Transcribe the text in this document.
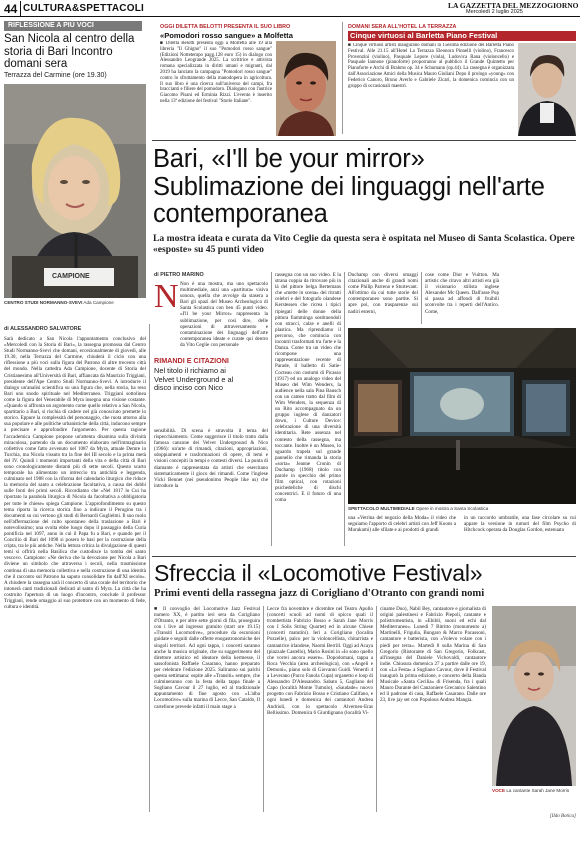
44 CULTURA&SPETTACOLI	LA GAZZETTA DEL MEZZOGIORNO
Mercoledì 2 luglio 2025
RIFLESSIONE A PIÙ VOCI
San Nicola al centro della storia di Bari Incontro domani sera
Terrazza del Carmine (ore 19.30)
CAMPIONE
CENTRO STUDI NORMANNO-SVEVI Ada Campione
OGGI DILETTA BELOTTI PRESENTA IL SUO LIBRO
«Pomodori rosso sangue» a Molfetta
■ Diletta Belotti presenta oggi a Molfetta alle 19 alla libreria "Il Ghigno" il suo "Pomodori rosso sangue" (Edizioni Nottetempo pagg.128 euro 15) in dialogo con Alessandro Leogrande 2025. La scrittrice e attivista romana specializzata in diritti umani e migranti, dal 2019 ha lanciato la campagna "Pomodori rosso sangue" contro lo sfruttamento della manodopera in agricoltura. Il suo libro è una ricerca sull'universo del campi, fra braccianti e filiere del pomodoro. Dialogano con l'autrice Giacomo Pisani ed Erminia Rizzi. L'evento è inserito nella 13ª edizione del festival "Storie Italiane".
DOMANI SERA ALL'HOTEL LA TERRAZZA
Cinque virtuosi al Barletta Piano Festival
■ Cinque virtuosi artisti inaugurano domani la 15esima edizione del Barletta Piano Festival. Alle 21.15 all'Hotel La Terrazza Eleonora Pinnelli (violino), Francesco Provenzini (violino), Pasquale Lepore (viola), Ludovica Rana (violoncello) e Pasquale Iannone (pianoforte) proporranno al pubblico il Grande Quintetto per Pianoforte e Archi di Brahms op. 34 e Schumann (op.44). La rassegna è organizzata dall'Associazione Amici della Musica Mauro Giuliani Dopo il prologo «young» con Federico Canoro, Bruno Averlo e Gabriele Zicari, la domenica comincia con un gruppo di occasionali maestri.
Bari, «I'll be your mirror» Sublimazione dei linguaggi nell'arte contemporanea
La mostra ideata e curata da Vito Ceglie da questa sera è ospitata nel Museo di Santa Scolastica. Opere «esposte» su 45 punti video
di ALESSANDRO SALVATORE
Sarà dedicato a San Nicola l'appuntamento conclusivo del «Mercoledì con la Storia di Bari», la rassegna promossa dal Centro Studi Normanno-Svevi che domani, eccezionalmente di giovedì, alle 19.30, nella Terrazza del Carmine, chiuderà il ciclo con una riflessione a più voci sulla figura del Patrono di altre trecento città del mondo. Nella cattedra Ada Campione, docente di Storia del Cristianesimo all'Università di Bari, affiancata da Maurizio Triggiani, presidente dell'Ape Centro Studi Normanno-Svevi. A introdurre il dialogo un'analisi scientifica su una figura che, nella storia, ha reso Bari uno snodo spirituale nel Mediterraneo. Triggiani sottolinea come la figura del Venerabile di Myra insegna una visione costante. «Quando si affronta un argomento come quello relativo a San Nicola, spartitario a Bari, si rischia di cadere nel già conosciuto premette lo storico. Eppure la complessità del personaggio, che ruota attorno alla sua popolare e alle politiche urbanistiche della città, inducono sempre a precisare e approfondire l'argomento. Per questa ragione l'accademica Campione propone un'attenta disamina sulla divinità miracolosa, partendo da un documento elaborato nell'immaginario collettivo come fatto avvenuto nel 1087 da Myra, attuale Demre in Turchia, ma Nicola vissuto tra la fine del III secolo e la prima metà del IV. Quindi i momenti importanti della vita e della città di Bari sono cronologicamente distanti più di sette secoli. Questo scarto temporale ha alimentato un intreccio tra antichità e leggenda, culminato nel 1988 con la riforma del calendario liturgico che riduce la memoria del santo a celebrazione facoltativa, a causa dei dubbi sulle fonti dei primi secoli. Ricordiamo che «Nel 1817 lo Cui ha riportato la parabola liturgica di Nicola da facoltativa a obbligatoria per tutte le chiese» spiega Campione. L'approfondimento su questo tema riporta la ricerca storica fino a indicare il Perugino tra i documenti su cui vertono gli studi di Bernardi Guglielmi. Il suo ruolo nell'affermazione del culto spontaneo della traslazione a Bari è notevolissimo; una svolta ebbe luogo dopo il passaggio della Curia pontificia nel 1097, anno in cui il Papa fu a Bari, e quando per il Concilio di Bari del 1098 si posero le basi per la costruzione della cripta, tra le più antiche. Nella lettura critica la divulgazione di questi temi si offrirà nella Basilica che custodisce la tomba del santo vescovo. Campione: «Ne deriva che la devozione per Nicola a Bari diviene un simbolo che attraversa i secoli, nella trasmissione continua di una memoria collettiva e nella costruzione di una identità che il racconto sul Patrono ha saputo consolidare fin dall'XI secolo». A chiudere la rassegna sarà il concerto di una corale del territorio che intonerà canti tradizionali dedicati al santo di Myra. La città che ha costruito l'apertura di un luogo d'incontro, conclude il professor Triggiani, rende omaggio al suo protettore con un momento di fede, cultura e identità.
di PIETRO MARINO
N Non è una mostra, ma uno spettacolo multimediale, anzi una «partitura» visiva sonora, quella che avvolge da stasera a Bari gli spazi del Museo Archeologico di Santa Scolastica con ben 45 punti video. «I'll be your Mirror» rappresenta la sublimazione, per così dire, delle operazioni di attraversamento e contaminazione dei linguaggi dell'arte contemporanea ideate e curate qui dentro da Vito Ceglie con personale
RIMANDI E CITAZIONI
Nel titolo il richiamo ai Velvet Underground e al disco inciso con Nico
sensibilità. Di scena è stravolta il tema del rispecchiamento. Come suggerisce il titolo tratto dalla famosa canzone dei Velvet Underground & Nico (1966): un'arte di rimandi, citazioni, appropriazioni, sdoppiamenti e trasformazioni di opere, di temi e visioni concepiti in tempi e contesti diversi. La punta di diamante è rappresentata da artisti che esercitano sistematicamente il gioco dei rimandi. Come l'inglese Vicki Bennet (nei pseudonimo People like us) che introduce la
rassegna con un suo video. E la strana coppia da ritrovare più in là del pittore belga Bertemans che «mette in scena» dei ritratti celebri e del fotografo olandese Kerstessen che ricrea i tipici ripiegati delle donne della pittura fiamminga sostituendoli con stracci, calze e anelli di plastica. Ma riprendiamo il percorso, che comincia con incontri trasformati tra l'arte e la Danza. Come tra un video che ricompone una rappresentazione recente di Parade, il balletto di Satie-Cocteau con costumi di Picasso (1917) ed un analogo video del Museo del Wim Wenders, la audience nella sala Pina Bausch con un cameo tratto dal film di Wim Wenders, la sequenza di un Rito accompagnato da un gruppo inglese di danzatori down, i Culture Device: celebrazione di una diversità identitaria. Rete assenza nel contesto della rassegna, ma toccante. Inoltre è un Museo, lo sguardo trapela sul grande pannello che rimanda la storia «sorta» Jeanne Cronin di Duchamp (1968) titolo con parole in specchio del primo film optical, con rotazioni psichedeliche di dischi concentrici. E il futuro di una coma
Duchamp con diversi omaggi citazionali anche di grandi nomi come Philip Parreno e Sturtevant. All'ottimo da cui tutte storie del contemporaneo sono partite. Si apre poi, con trasparenze sui nadiri esterni,
cose come Dior e Vuitton. Ma artistic che citavo altri artisti era già il visionario stilista inglese Alexander Mc Queen. Dall'asse Pop si passa ad affondi di fruibili sconvolte tra i reperti dell'Antico. Come,
SPETTACOLO MULTIMEDIALE Opere in mostra a Santa Scolastica
una «Vetrina del negozio della Moda» il video che seguiamo l'apporto di celebri artisti con Jeff Koons a Murakami) alle sfilate e ai prodotti di grandi
in un raccordo umbratile, una fase circolare su cui appare la versione in rumori del film Psycho di Hitchcock operata da Douglas Gordon, estenuata
Sfreccia il «Locomotive Festival»
Primi eventi della rassegna jazz di Corigliano d'Otranto con grandi nomi
■ Il convoglio del Locomotive Jazz Festival numero XX, è partito ieri sera da Corigliano d'Otranto, e per altre sette giorni di fila, proseguira con i live ad ingresso gratuito (start ore 19.15) «Transiti Locomotive», procedure da escursioni guidate e seguiti dalle offerte enogastronomiche dei singoli territori. Ad ogni tappa, i concerti saranno anche la musica originale, che su suggerimento del direttore artistico ed ideatore della kermesse, il sassofonista Raffaele Casarano, hanno preparato per celebrare l'edizione 2025. Saliranno sui palchi questa settimana: ospite alle «Transiti» sempre, che culmineranno con la festa della tappa finale a Sogliano Cavour il 27 luglio, ed al tradizionale appuntamento di fine agosto con «L'alba Locomotive» sulla marina di Lecce, San Cataldo, Il cartellone prevede infatti il main stage a
Lecce fra novembre e dicembre nel Teatro Apollo (concerti scuoli ad nomi di spicco quali il trombettista Fabrizio Bosso e Sarah Jane Morris con I Solis String Quartet) ed in alcune Chiese (concerti matutini). Ieri a Corigliano (localita Pozzelle), palco per la violoncellista, chitarrista e cantautrice irlandese, Naomi Berrill. Oggi ad Acaya (piazzale Castello), Mario Rosini in «Io sono quello che vorrei ancora essere». Dopodomani, tappa a Roca Vecchia (area archeologica), con «Angeli e Demoni», piano solo di Giovanni Guidi. Venerdì 4 a Leverano (Parco Fanola Cupa) organetto e loop di Alessandro D'Alessandro. Sabato 5, Gagliano del Capo (località Monte Tumulo), «Saudade» nuovo progetto con Fabrizio Bosso e Cristiano Califano, e ogni lunedì e domenica dei cantautori Andrea Andrioli, con lo spettacolo Alverneo-Eras Bellissimo. Domenica 6 Giurdignano (località Vi-
ciname Duo), Nabil Bey, cantautore e giornalista di origini palestinesi e Fabrizio Piepoli, cantante e polistrumentista, in «Ebibli, suoni ed echi dal Mediterraneo». Lunedì 7 Bitritto (monumento a) Martinelli, Frigulia, Bungaro & Marco Pacassoni, cantautore e batterista, con «Volevo volare con i piedi per terra». Martedì 8 sulla Marina di San Gregorio (Ristorante di San Gregorio, Folkcast, all'insegna del Daniele Vichovaldi, cantautore indie. Chiusura domenica 27 a partire dalle ore 19, con «La Festa» a Sogliano Cavour, dove il Festival inaugurò la prima edizione, e concerto della Banda Musicale «Santa Cecilia» di Frisenda, fra i quali Mauro Durante del Canzoniere Grecanico Salentino ed il padrone di casa, Raffaele Casarano. Dalle ore 23, live jay set con Populous Andrea Mangia.
VOCE La cantante Sarah Jane Morris
[Ildo Botica]
